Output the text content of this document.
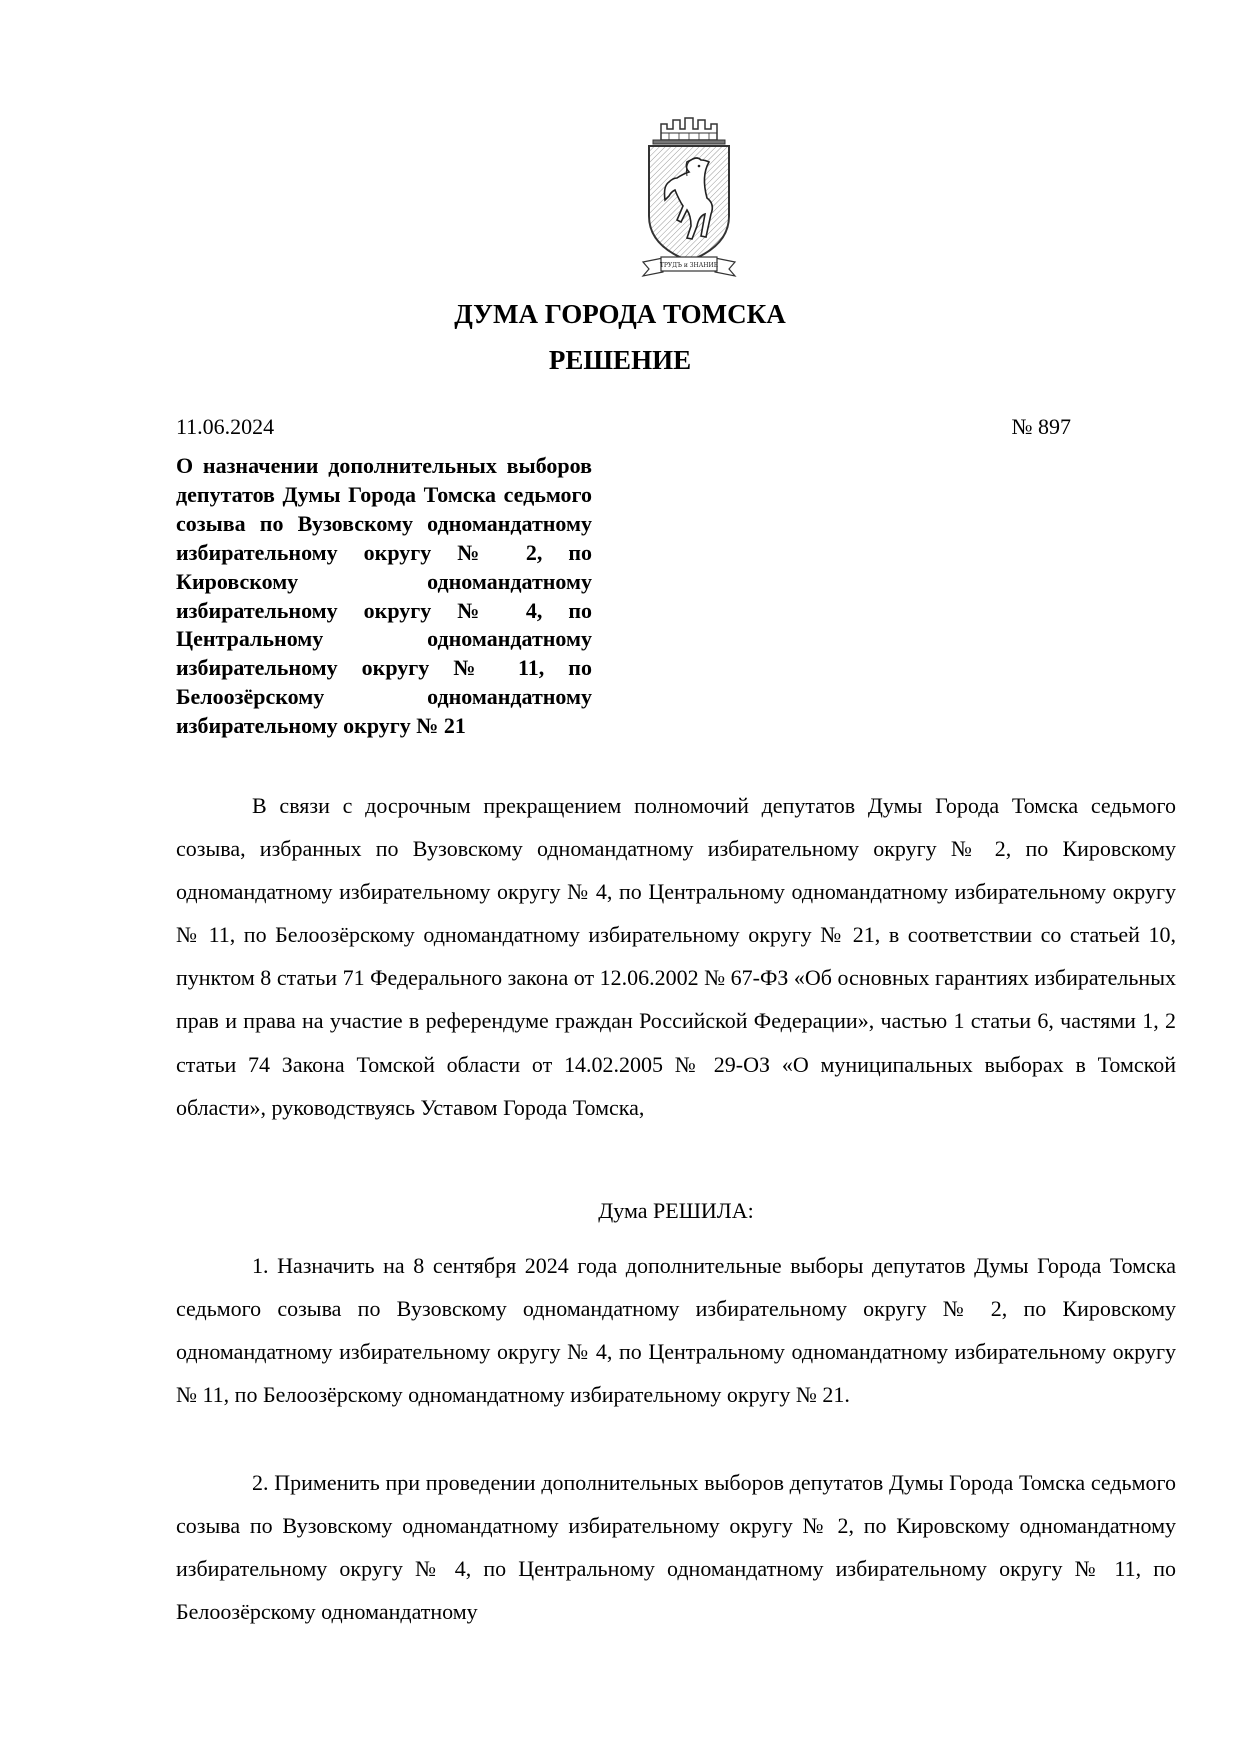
ТРУДЪ и ЗНАНИЕ
ДУМА ГОРОДА ТОМСКА
РЕШЕНИЕ

11.06.2024	№ 897

О назначении дополнительных выборов депутатов Думы Города Томска седьмого созыва по Вузовскому одномандатному избирательному округу № 2, по Кировскому одномандатному избирательному округу № 4, по Центральному одномандатному избирательному округу № 11, по Белоозёрскому одномандатному
избирательному округу № 21

В связи с досрочным прекращением полномочий депутатов Думы Города Томска седьмого созыва, избранных по Вузовскому одномандатному избирательному округу № 2, по Кировскому одномандатному избирательному округу № 4, по Центральному одномандатному избирательному округу № 11, по Белоозёрскому одномандатному избирательному округу № 21, в соответствии со статьей 10, пунктом 8 статьи 71 Федерального закона от 12.06.2002 № 67-ФЗ «Об основных гарантиях избирательных прав и права на участие в референдуме граждан Российской Федерации», частью 1 статьи 6, частями 1, 2 статьи 74 Закона Томской области от 14.02.2005 № 29-ОЗ «О муниципальных выборах в Томской области», руководствуясь Уставом Города Томска,

Дума РЕШИЛА:

1. Назначить на 8 сентября 2024 года дополнительные выборы депутатов Думы Города Томска седьмого созыва по Вузовскому одномандатному избирательному округу № 2, по Кировскому одномандатному избирательному округу № 4, по Центральному одномандатному избирательному округу № 11, по Белоозёрскому одномандатному избирательному округу № 21.

2. Применить при проведении дополнительных выборов депутатов Думы Города Томска седьмого созыва по Вузовскому одномандатному избирательному округу № 2, по Кировскому одномандатному избирательному округу № 4, по Центральному одномандатному избирательному округу № 11, по Белоозёрскому одномандатному
